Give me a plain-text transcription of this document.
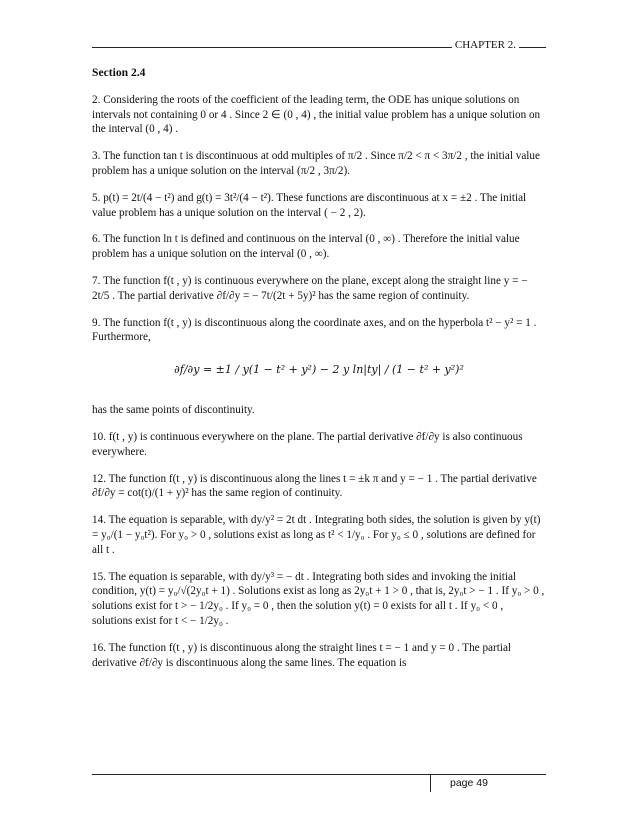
CHAPTER 2.
Section 2.4

2. Considering the roots of the coefficient of the leading term, the ODE has unique solutions on intervals not containing 0 or 4 . Since 2 ∈ (0 , 4) , the initial value problem has a unique solution on the interval (0 , 4) .

3. The function tan t is discontinuous at odd multiples of π/2 . Since π/2 < π < 3π/2 , the initial value problem has a unique solution on the interval (π/2 , 3π/2).

5. p(t) = 2t/(4 − t²) and g(t) = 3t²/(4 − t²). These functions are discontinuous at x = ±2 . The initial value problem has a unique solution on the interval ( − 2 , 2).

6. The function ln t is defined and continuous on the interval (0 , ∞) . Therefore the initial value problem has a unique solution on the interval (0 , ∞).

7. The function f(t , y) is continuous everywhere on the plane, except along the straight line y = − 2t/5 . The partial derivative ∂f/∂y = − 7t/(2t + 5y)² has the same region of continuity.

9. The function f(t , y) is discontinuous along the coordinate axes, and on the hyperbola t² − y² = 1 . Furthermore,

∂f/∂y = ±1 / y(1 − t² + y²) − 2 y ln|ty| / (1 − t² + y²)²

has the same points of discontinuity.

10. f(t , y) is continuous everywhere on the plane. The partial derivative ∂f/∂y is also continuous everywhere.

12. The function f(t , y) is discontinuous along the lines t = ±k π and y = − 1 . The partial derivative ∂f/∂y = cot(t)/(1 + y)² has the same region of continuity.

14. The equation is separable, with dy/y² = 2t dt . Integrating both sides, the solution is given by y(t) = y₀/(1 − y₀t²). For y₀ > 0 , solutions exist as long as t² < 1/y₀ . For y₀ ≤ 0 , solutions are defined for all t .

15. The equation is separable, with dy/y³ = − dt . Integrating both sides and invoking the initial condition, y(t) = y₀/√(2y₀t + 1) . Solutions exist as long as 2y₀t + 1 > 0 , that is, 2y₀t > − 1 . If y₀ > 0 , solutions exist for t > − 1/2y₀ . If y₀ = 0 , then the solution y(t) = 0 exists for all t . If y₀ < 0 , solutions exist for t < − 1/2y₀ .

16. The function f(t , y) is discontinuous along the straight lines t = − 1 and y = 0 . The partial derivative ∂f/∂y is discontinuous along the same lines. The equation is

page 49
